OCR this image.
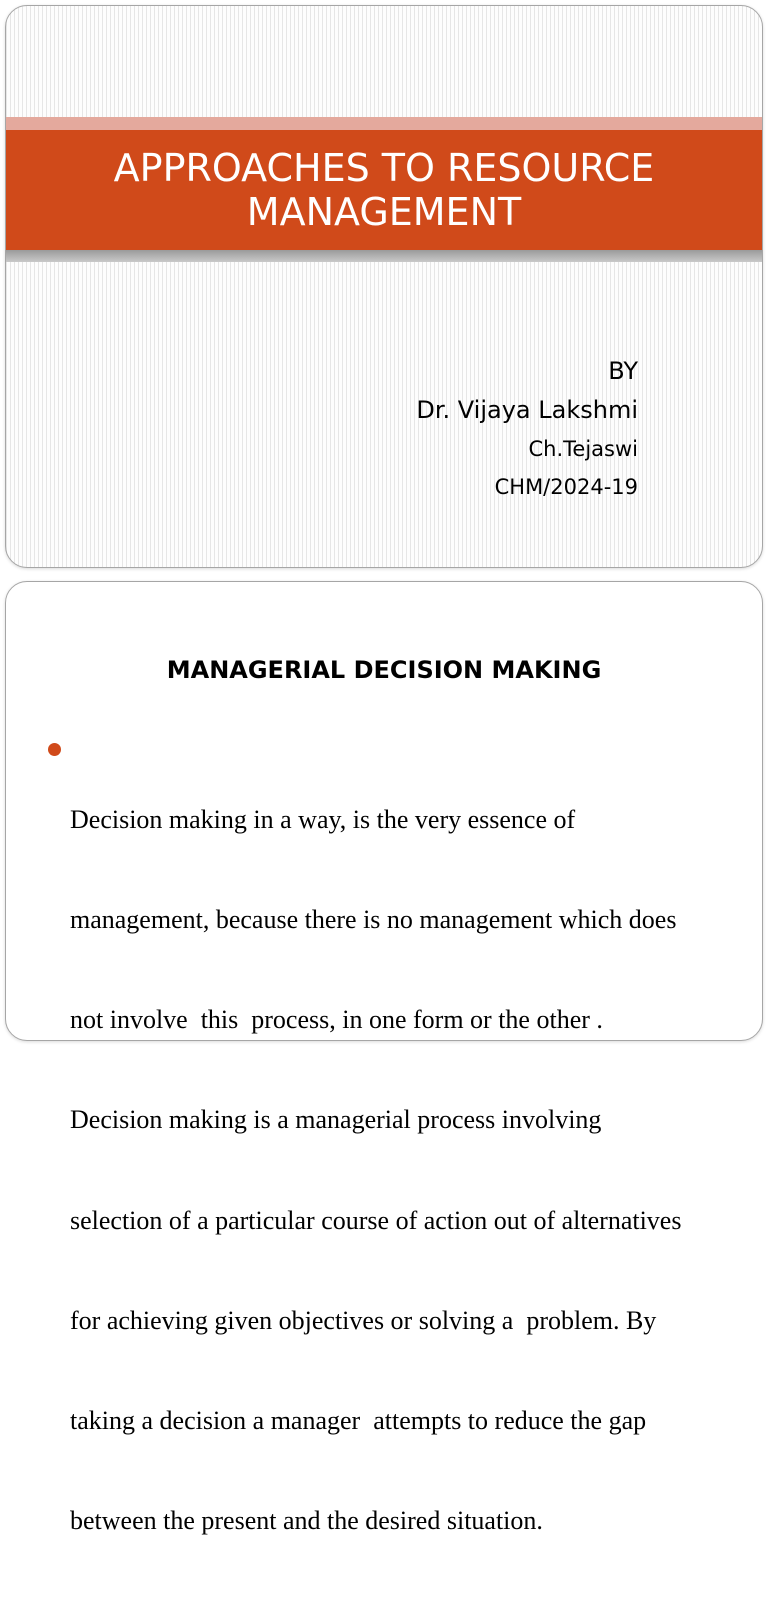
APPROACHES TO RESOURCE
MANAGEMENT
BY
Dr. Vijaya Lakshmi
Ch.Tejaswi
CHM/2024-19
MANAGERIAL DECISION MAKING

Decision making in a way, is the very essence of

management, because there is no management which does

not involve  this  process, in one form or the other .

Decision making is a managerial process involving

selection of a particular course of action out of alternatives

for achieving given objectives or solving a  problem. By

taking a decision a manager  attempts to reduce the gap

between the present and the desired situation.
